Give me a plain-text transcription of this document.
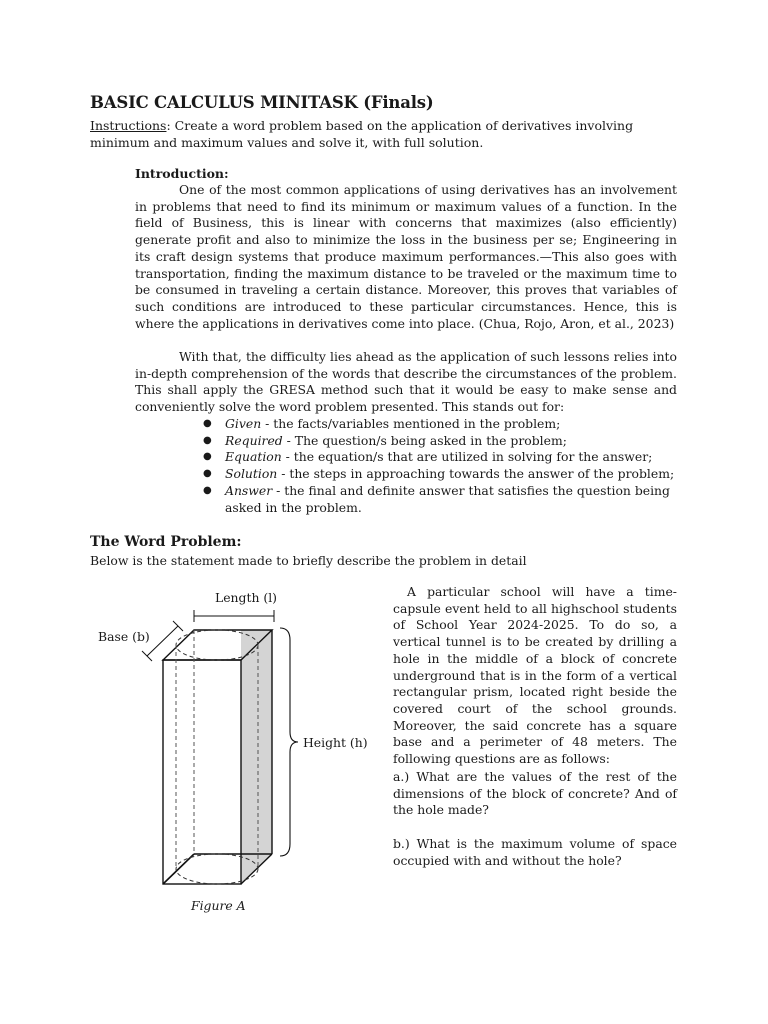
BASIC CALCULUS MINITASK (Finals)
Instructions: Create a word problem based on the application of derivatives involving minimum and maximum values and solve it, with full solution.
Introduction:

One of the most common applications of using derivatives has an involvement in problems that need to find its minimum or maximum values of a function. In the field of Business, this is linear with concerns that maximizes (also efficiently) generate profit and also to minimize the loss in the business per se; Engineering in its craft design systems that produce maximum performances.—This also goes with transportation, finding the maximum distance to be traveled or the maximum time to be consumed in traveling a certain distance. Moreover, this proves that variables of such conditions are introduced to these particular circumstances. Hence, this is where the applications in derivatives come into place. (Chua, Rojo, Aron, et al., 2023)

With that, the difficulty lies ahead as the application of such lessons relies into in-depth comprehension of the words that describe the circumstances of the problem. This shall apply the GRESA method such that it would be easy to make sense and conveniently solve the word problem presented. This stands out for:

● Given - the facts/variables mentioned in the problem;
● Required - The question/s being asked in the problem;
● Equation - the equation/s that are utilized in solving for the answer;
● Solution - the steps in approaching towards the answer of the problem;
● Answer - the final and definite answer that satisfies the question being asked in the problem.
The Word Problem:
Below is the statement made to briefly describe the problem in detail
Length (l)
Base (b)
Height (h)
Figure A

A particular school will have a time-capsule event held to all highschool students of School Year 2024-2025. To do so, a vertical tunnel is to be created by drilling a hole in the middle of a block of concrete underground that is in the form of a vertical rectangular prism, located right beside the covered court of the school grounds. Moreover, the said concrete has a square base and a perimeter of 48 meters. The following questions are as follows:

a.) What are the values of the rest of the dimensions of the block of concrete? And of the hole made?

b.) What is the maximum volume of space occupied with and without the hole?
